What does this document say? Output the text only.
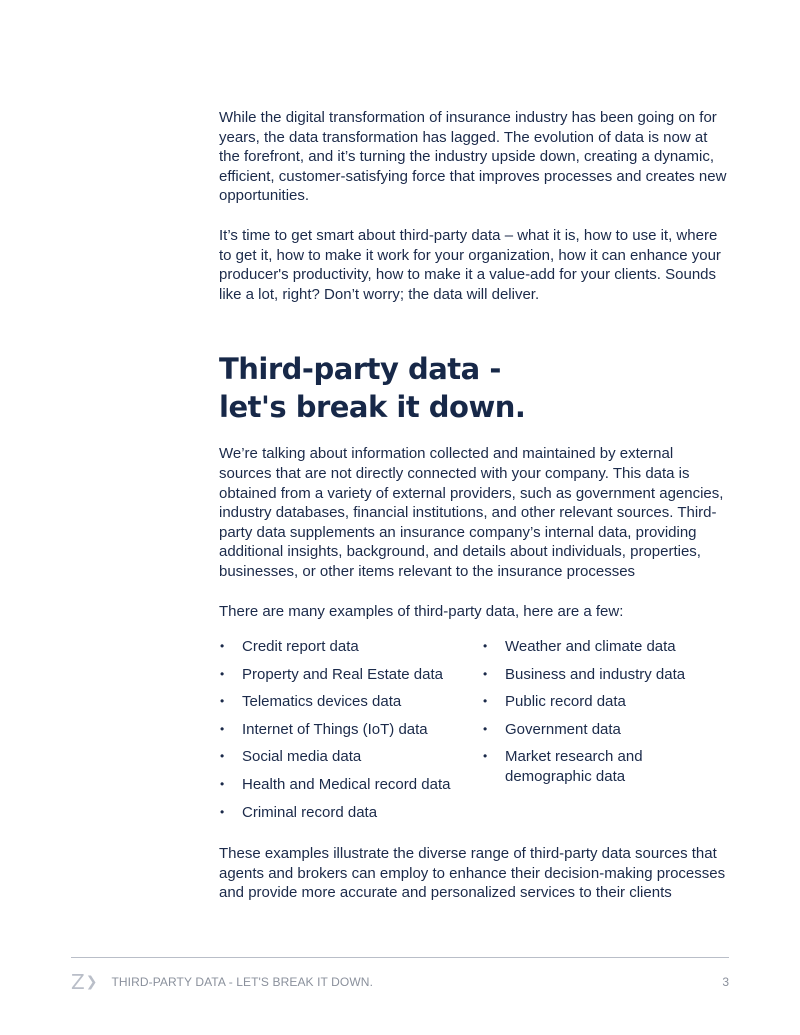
While the digital transformation of insurance industry has been going on for years, the data transformation has lagged. The evolution of data is now at the forefront, and it’s turning the industry upside down, creating a dynamic, efficient, customer-satisfying force that improves processes and creates new opportunities.

It’s time to get smart about third-party data – what it is, how to use it, where to get it, how to make it work for your organization, how it can enhance your producer's productivity, how to make it a value-add for your clients. Sounds like a lot, right? Don’t worry; the data will deliver.

Third-party data -
let's break it down.

We’re talking about information collected and maintained by external sources that are not directly connected with your company. This data is obtained from a variety of external providers, such as government agencies, industry databases, financial institutions, and other relevant sources. Third-party data supplements an insurance company’s internal data, providing additional insights, background, and details about individuals, properties, businesses, or other items relevant to the insurance processes

There are many examples of third-party data, here are a few:

• Credit report data
• Property and Real Estate data
• Telematics devices data
• Internet of Things (IoT) data
• Social media data
• Health and Medical record data
• Criminal record data
• Weather and climate data
• Business and industry data
• Public record data
• Government data
• Market research and demographic data

These examples illustrate the diverse range of third-party data sources that agents and brokers can employ to enhance their decision-making processes and provide more accurate and personalized services to their clients

Z ❯ THIRD-PARTY DATA - LET'S BREAK IT DOWN.	3
